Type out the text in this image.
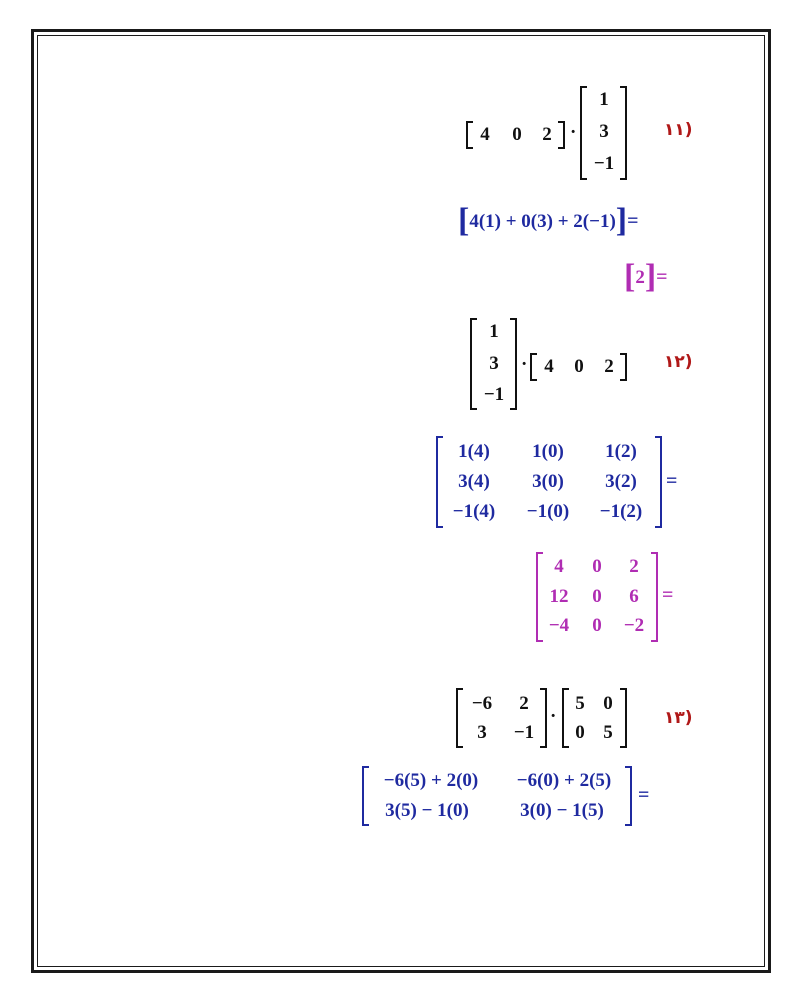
(١١
4	0	2 ·
1
3
−1
[4(1) + 0(3) + 2(−1)]=
[2]=
(١٢
1
3
−1
· 4	0	2
1(4)	1(0)	1(2)
3(4)	3(0)	3(2)
−1(4)	−1(0)	−1(2)
=
4	0	2
12	0	6
−4	0	−2
=
(١٣
−6	2
3	−1
·
5 0
0 5
−6(5) + 2(0)	−6(0) + 2(5)
3(5) − 1(0)	3(0) − 1(5)
=
